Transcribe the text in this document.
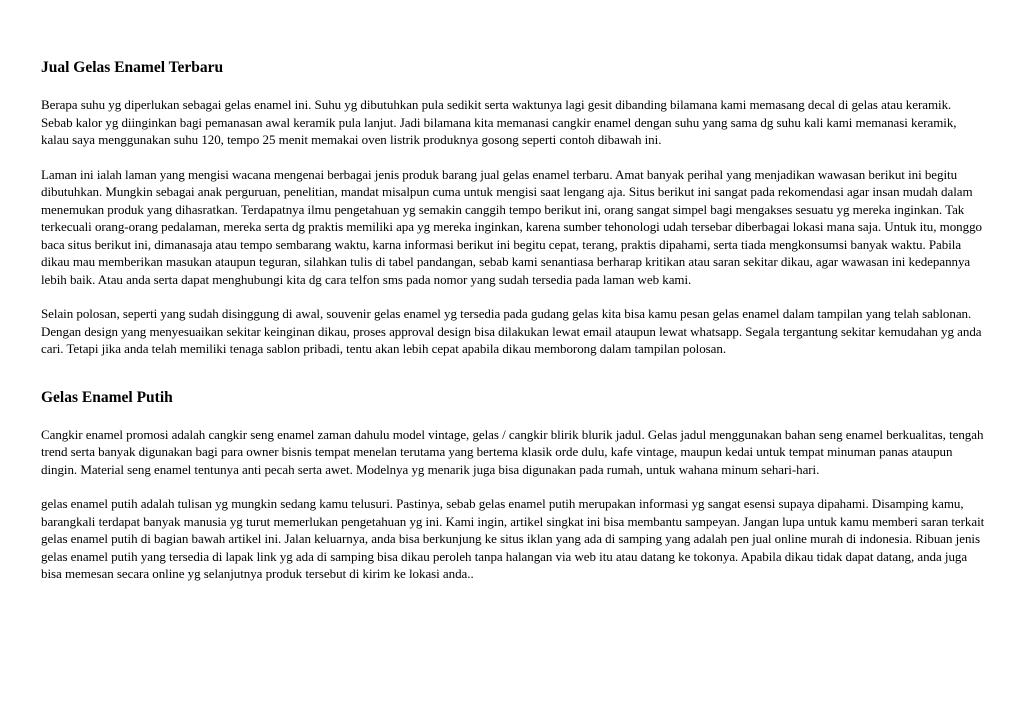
Jual Gelas Enamel Terbaru

Berapa suhu yg diperlukan sebagai gelas enamel ini. Suhu yg dibutuhkan pula sedikit serta waktunya lagi gesit dibanding bilamana kami memasang decal di gelas atau keramik. Sebab kalor yg diinginkan bagi pemanasan awal keramik pula lanjut. Jadi bilamana kita memanasi cangkir enamel dengan suhu yang sama dg suhu kali kami memanasi keramik, kalau saya menggunakan suhu 120, tempo 25 menit memakai oven listrik produknya gosong seperti contoh dibawah ini.

Laman ini ialah laman yang mengisi wacana mengenai berbagai jenis produk barang jual gelas enamel terbaru. Amat banyak perihal yang menjadikan wawasan berikut ini begitu dibutuhkan. Mungkin sebagai anak perguruan, penelitian, mandat misalpun cuma untuk mengisi saat lengang aja. Situs berikut ini sangat pada rekomendasi agar insan mudah dalam menemukan produk yang dihasratkan. Terdapatnya ilmu pengetahuan yg semakin canggih tempo berikut ini, orang sangat simpel bagi mengakses sesuatu yg mereka inginkan. Tak terkecuali orang-orang pedalaman, mereka serta dg praktis memiliki apa yg mereka inginkan, karena sumber tehonologi udah tersebar diberbagai lokasi mana saja. Untuk itu, monggo baca situs berikut ini, dimanasaja atau tempo sembarang waktu, karna informasi berikut ini begitu cepat, terang, praktis dipahami, serta tiada mengkonsumsi banyak waktu. Pabila dikau mau memberikan masukan ataupun teguran, silahkan tulis di tabel pandangan, sebab kami senantiasa berharap kritikan atau saran sekitar dikau, agar wawasan ini kedepannya lebih baik. Atau anda serta dapat menghubungi kita dg cara telfon sms pada nomor yang sudah tersedia pada laman web kami.

Selain polosan, seperti yang sudah disinggung di awal, souvenir gelas enamel yg tersedia pada gudang gelas kita bisa kamu pesan gelas enamel dalam tampilan yang telah sablonan. Dengan design yang menyesuaikan sekitar keinginan dikau, proses approval design bisa dilakukan lewat email ataupun lewat whatsapp. Segala tergantung sekitar kemudahan yg anda cari. Tetapi jika anda telah memiliki tenaga sablon pribadi, tentu akan lebih cepat apabila dikau memborong dalam tampilan polosan.

Gelas Enamel Putih

Cangkir enamel promosi adalah cangkir seng enamel zaman dahulu model vintage, gelas / cangkir blirik blurik jadul. Gelas jadul menggunakan bahan seng enamel berkualitas, tengah trend serta banyak digunakan bagi para owner bisnis tempat menelan terutama yang bertema klasik orde dulu, kafe vintage, maupun kedai untuk tempat minuman panas ataupun dingin. Material seng enamel tentunya anti pecah serta awet. Modelnya yg menarik juga bisa digunakan pada rumah, untuk wahana minum sehari-hari.

gelas enamel putih adalah tulisan yg mungkin sedang kamu telusuri. Pastinya, sebab gelas enamel putih merupakan informasi yg sangat esensi supaya dipahami. Disamping kamu, barangkali terdapat banyak manusia yg turut memerlukan pengetahuan yg ini. Kami ingin, artikel singkat ini bisa membantu sampeyan. Jangan lupa untuk kamu memberi saran terkait gelas enamel putih di bagian bawah artikel ini. Jalan keluarnya, anda bisa berkunjung ke situs iklan yang ada di samping yang adalah pen jual online murah di indonesia. Ribuan jenis gelas enamel putih yang tersedia di lapak link yg ada di samping bisa dikau peroleh tanpa halangan via web itu atau datang ke tokonya. Apabila dikau tidak dapat datang, anda juga bisa memesan secara online yg selanjutnya produk tersebut di kirim ke lokasi anda..
